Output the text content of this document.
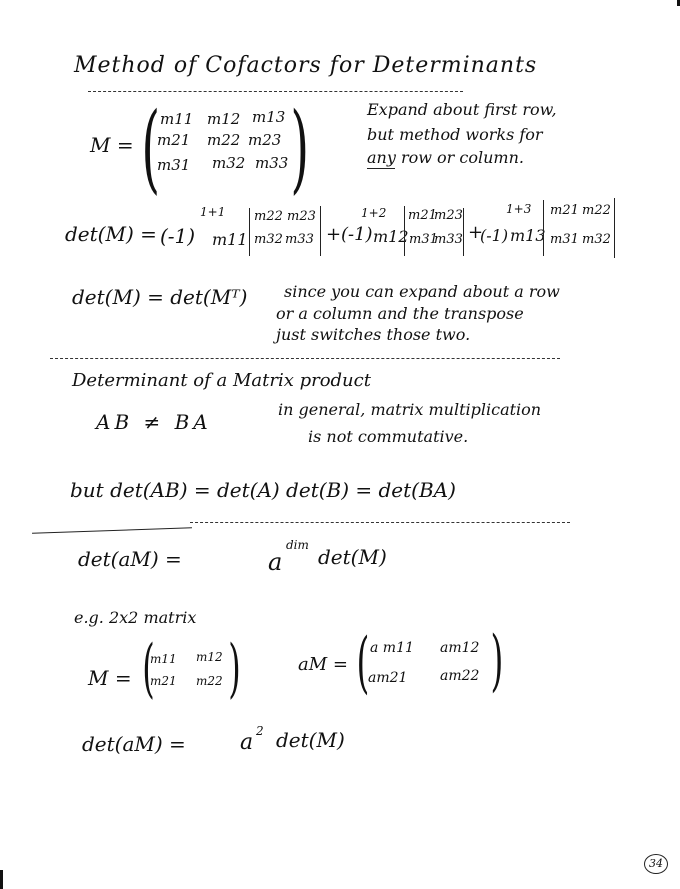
Method of Cofactors for Determinants
M = ( )
m11 m12 m13
m21 m22 m23
m31 m32 m33
Expand about first row,
but method works for
any row or column.
det(M) = (-1)
1+1
m11
m22 m23
m32 m33 + (-1)
1+2
m12
m21
m23
m31
m33 +
(-1)
1+3
m13
m21 m22
m31 m32
det(M) = det(Mᵀ) since you can expand about a row
or a column and the transpose
just switches those two.
Determinant of a Matrix product
AB ≠ BA
in general, matrix multiplication
is not commutative.
but det(AB) = det(A) det(B) = det(BA)
det(aM) =	a
dim det(M)
e.g. 2x2 matrix
M = ( )
m11 m12
m21 m22
aM = ( )
a m11 am12
am21 am22
det(aM) = a 2 det(M)
34
